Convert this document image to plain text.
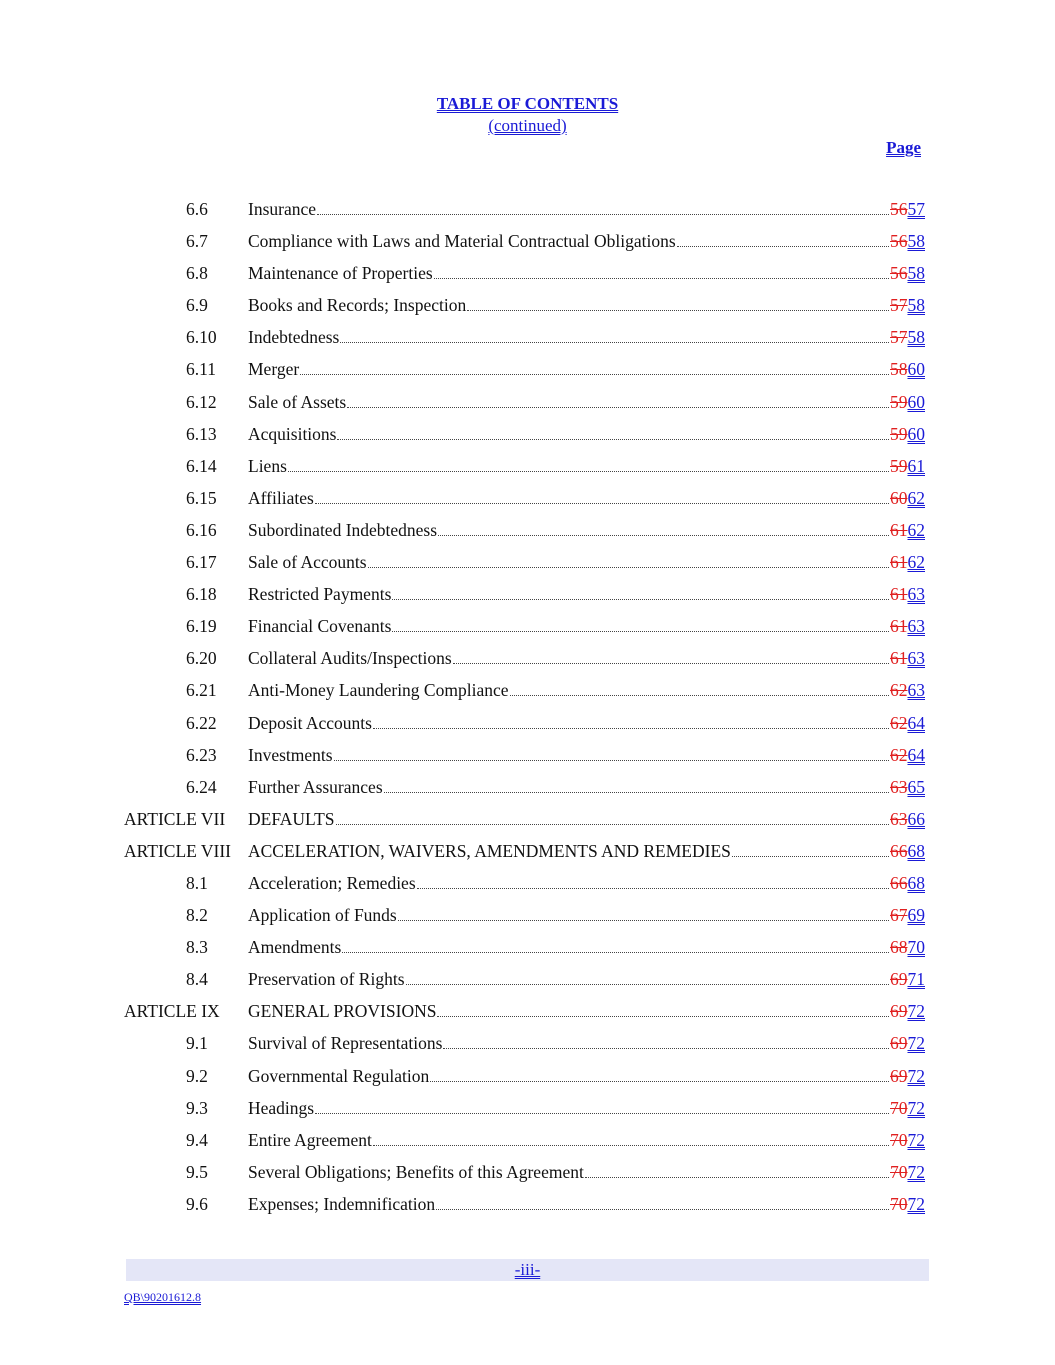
TABLE OF CONTENTS
(continued)
Page
6.6 Insurance	5657
6.7 Compliance with Laws and Material Contractual Obligations	5658
6.8 Maintenance of Properties	5658
6.9 Books and Records; Inspection	5758
6.10 Indebtedness	5758
6.11 Merger	5860
6.12 Sale of Assets	5960
6.13 Acquisitions	5960
6.14 Liens	5961
6.15 Affiliates	6062
6.16 Subordinated Indebtedness	6162
6.17 Sale of Accounts	6162
6.18 Restricted Payments	6163
6.19 Financial Covenants	6163
6.20 Collateral Audits/Inspections	6163
6.21 Anti-Money Laundering Compliance	6263
6.22 Deposit Accounts	6264
6.23 Investments	6264
6.24 Further Assurances	6365
ARTICLE VII DEFAULTS	6366
ARTICLE VIII ACCELERATION, WAIVERS, AMENDMENTS AND REMEDIES	6668
8.1 Acceleration; Remedies	6668
8.2 Application of Funds	6769
8.3 Amendments	6870
8.4 Preservation of Rights	6971
ARTICLE IX GENERAL PROVISIONS	6972
9.1 Survival of Representations	6972
9.2 Governmental Regulation	6972
9.3 Headings	7072
9.4 Entire Agreement	7072
9.5 Several Obligations; Benefits of this Agreement	7072
9.6 Expenses; Indemnification	7072
-iii-
QB\90201612.8
